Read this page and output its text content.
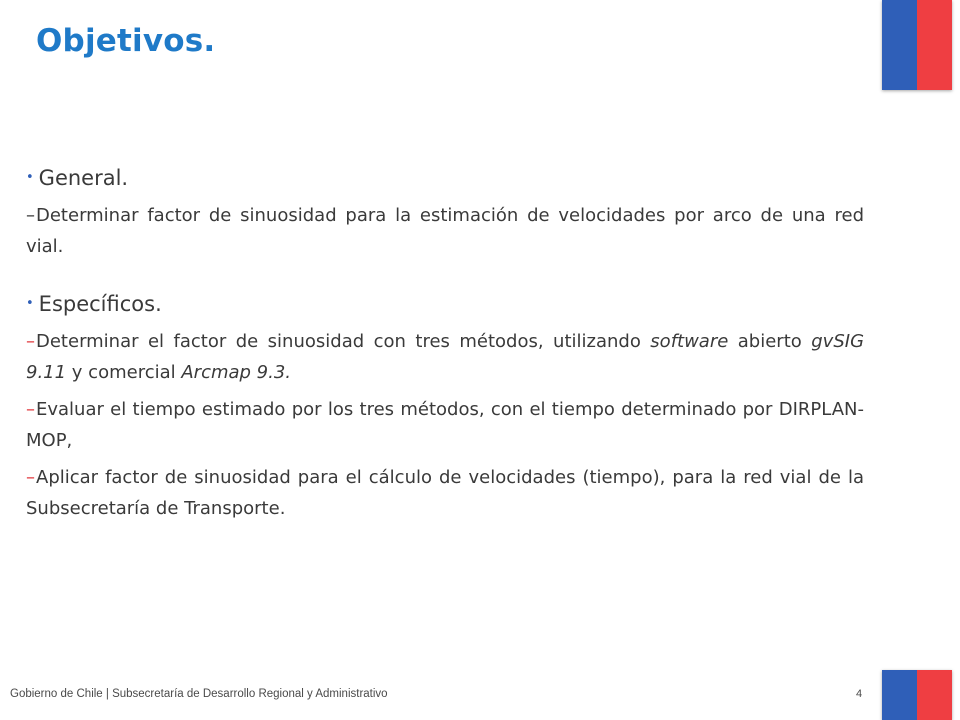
Objetivos.

• General.

–Determinar factor de sinuosidad para la estimación de velocidades por arco de una red vial.

• Específicos.

–Determinar el factor de sinuosidad con tres métodos, utilizando software abierto gvSIG 9.11 y comercial Arcmap 9.3.

–Evaluar el tiempo estimado por los tres métodos, con el tiempo determinado por DIRPLAN-MOP,

–Aplicar factor de sinuosidad para el cálculo de velocidades (tiempo), para la red vial de la Subsecretaría de Transporte.

Gobierno de Chile | Subsecretaría de Desarrollo Regional y Administrativo	4
